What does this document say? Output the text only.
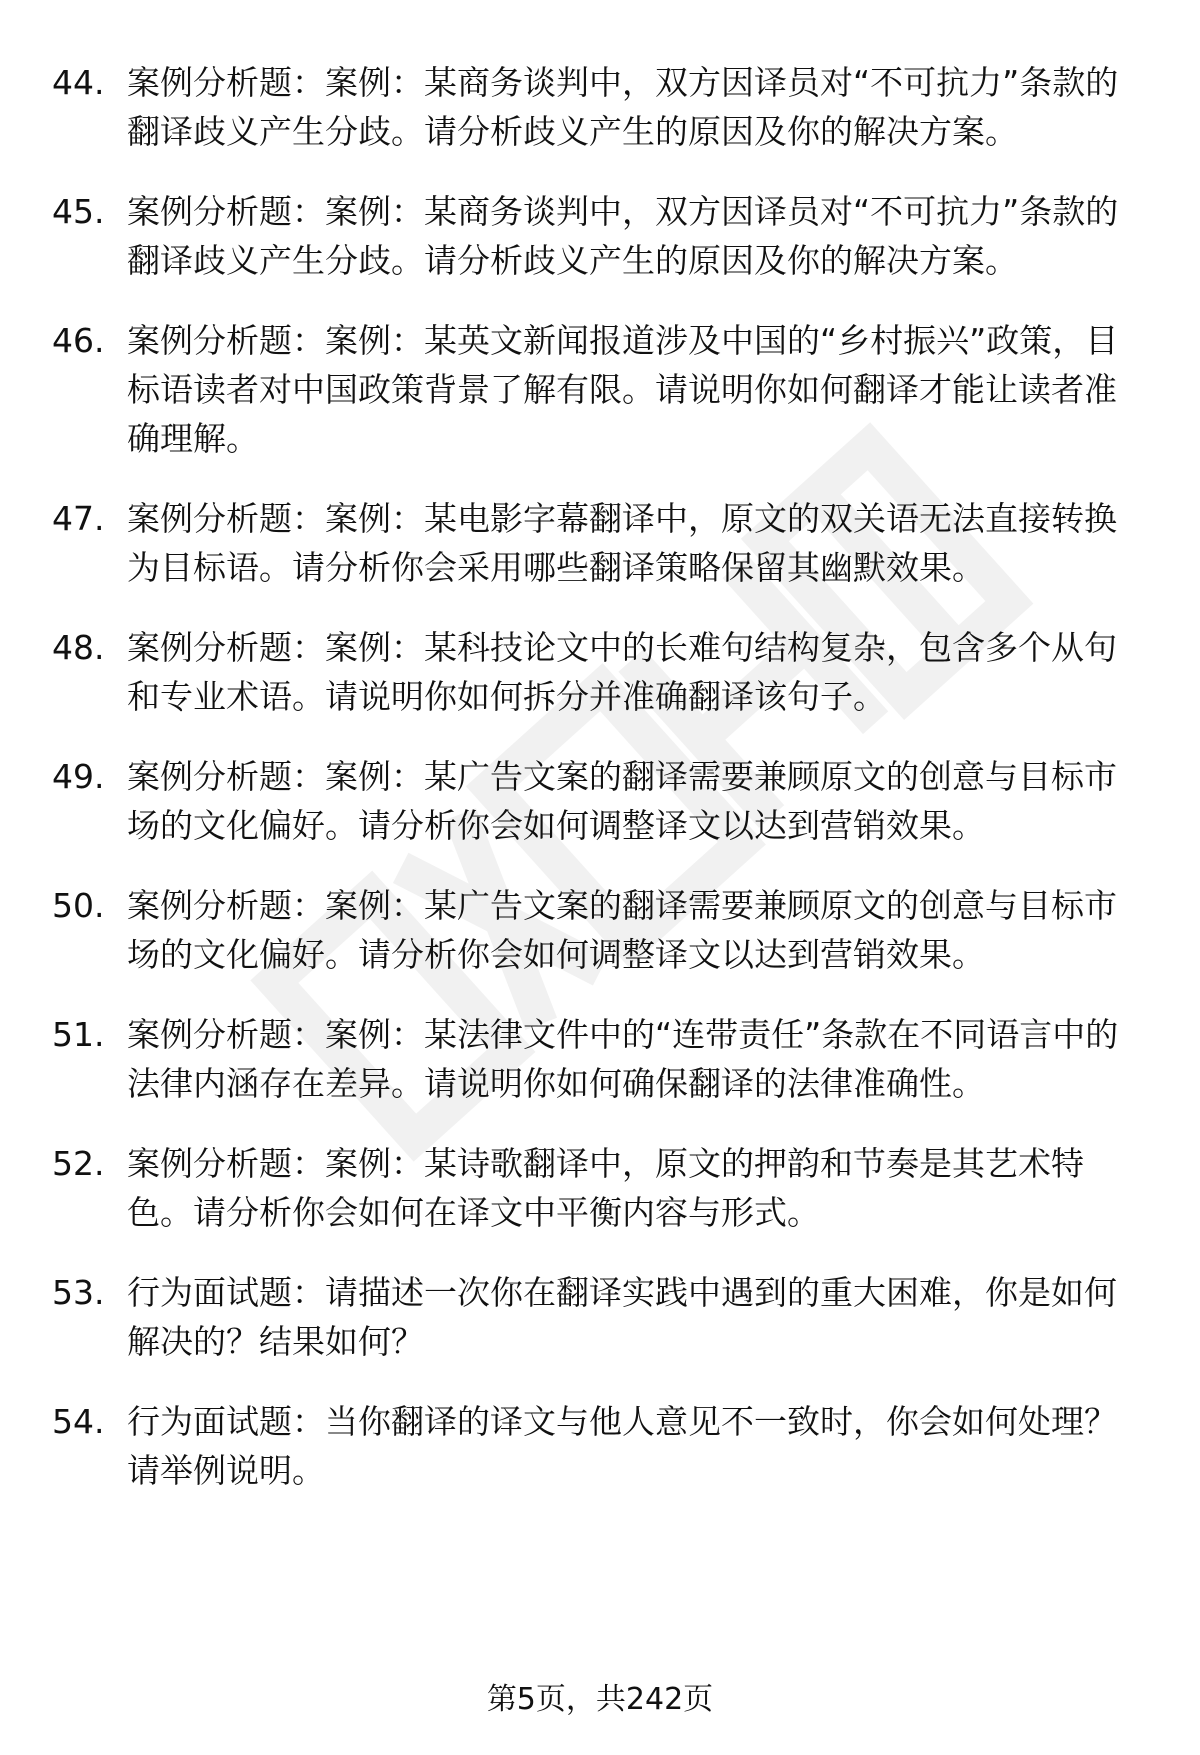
44. 案例分析题：案例：某商务谈判中，双方因译员对“不可抗力”条款的翻译歧义产生分歧。请分析歧义产生的原因及你的解决方案。
45. 案例分析题：案例：某商务谈判中，双方因译员对“不可抗力”条款的翻译歧义产生分歧。请分析歧义产生的原因及你的解决方案。
46. 案例分析题：案例：某英文新闻报道涉及中国的“乡村振兴”政策，目标语读者对中国政策背景了解有限。请说明你如何翻译才能让读者准确理解。
47. 案例分析题：案例：某电影字幕翻译中，原文的双关语无法直接转换为目标语。请分析你会采用哪些翻译策略保留其幽默效果。
48. 案例分析题：案例：某科技论文中的长难句结构复杂，包含多个从句和专业术语。请说明你如何拆分并准确翻译该句子。
49. 案例分析题：案例：某广告文案的翻译需要兼顾原文的创意与目标市场的文化偏好。请分析你会如何调整译文以达到营销效果。
50. 案例分析题：案例：某广告文案的翻译需要兼顾原文的创意与目标市场的文化偏好。请分析你会如何调整译文以达到营销效果。
51. 案例分析题：案例：某法律文件中的“连带责任”条款在不同语言中的法律内涵存在差异。请说明你如何确保翻译的法律准确性。
52. 案例分析题：案例：某诗歌翻译中，原文的押韵和节奏是其艺术特色。请分析你会如何在译文中平衡内容与形式。
53. 行为面试题：请描述一次你在翻译实践中遇到的重大困难，你是如何解决的？结果如何？
54. 行为面试题：当你翻译的译文与他人意见不一致时，你会如何处理？请举例说明。
第5页，共242页
